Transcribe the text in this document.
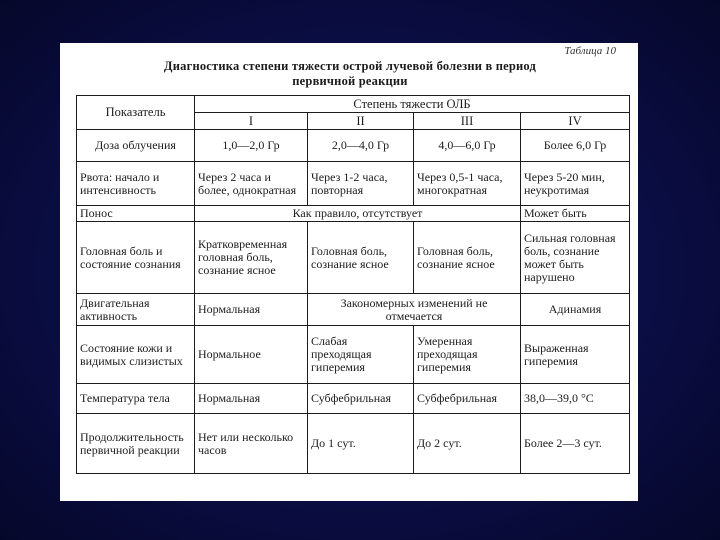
Таблица 10
Диагностика степени тяжести острой лучевой болезни в период
первичной реакции
Показатель	Степень тяжести ОЛБ			
	I	II	III	IV
Доза облучения	1,0—2,0 Гр	2,0—4,0 Гр	4,0—6,0 Гр	Более 6,0 Гр
Рвота: начало и интенсивность	Через 2 часа и более, однократная	Через 1-2 часа, повторная	Через 0,5-1 часа, многократная	Через 5-20 мин, неукротимая
Понос	Как правило, отсутствует			Может быть
Головная боль и состояние сознания	Кратковременная головная боль, сознание ясное	Головная боль, сознание ясное	Головная боль, сознание ясное	Сильная головная боль, сознание может быть нарушено
Двигательная активность	Нормальная	Закономерных изменений не отмечается		Адинамия
Состояние кожи и видимых слизистых	Нормальное	Слабая преходящая гиперемия	Умеренная преходящая гиперемия	Выраженная гиперемия
Температура тела	Нормальная	Субфебрильная	Субфебрильная	38,0—39,0 °С
Продолжительность первичной реакции	Нет или несколько часов	До 1 сут.	До 2 сут.	Более 2—3 сут.
